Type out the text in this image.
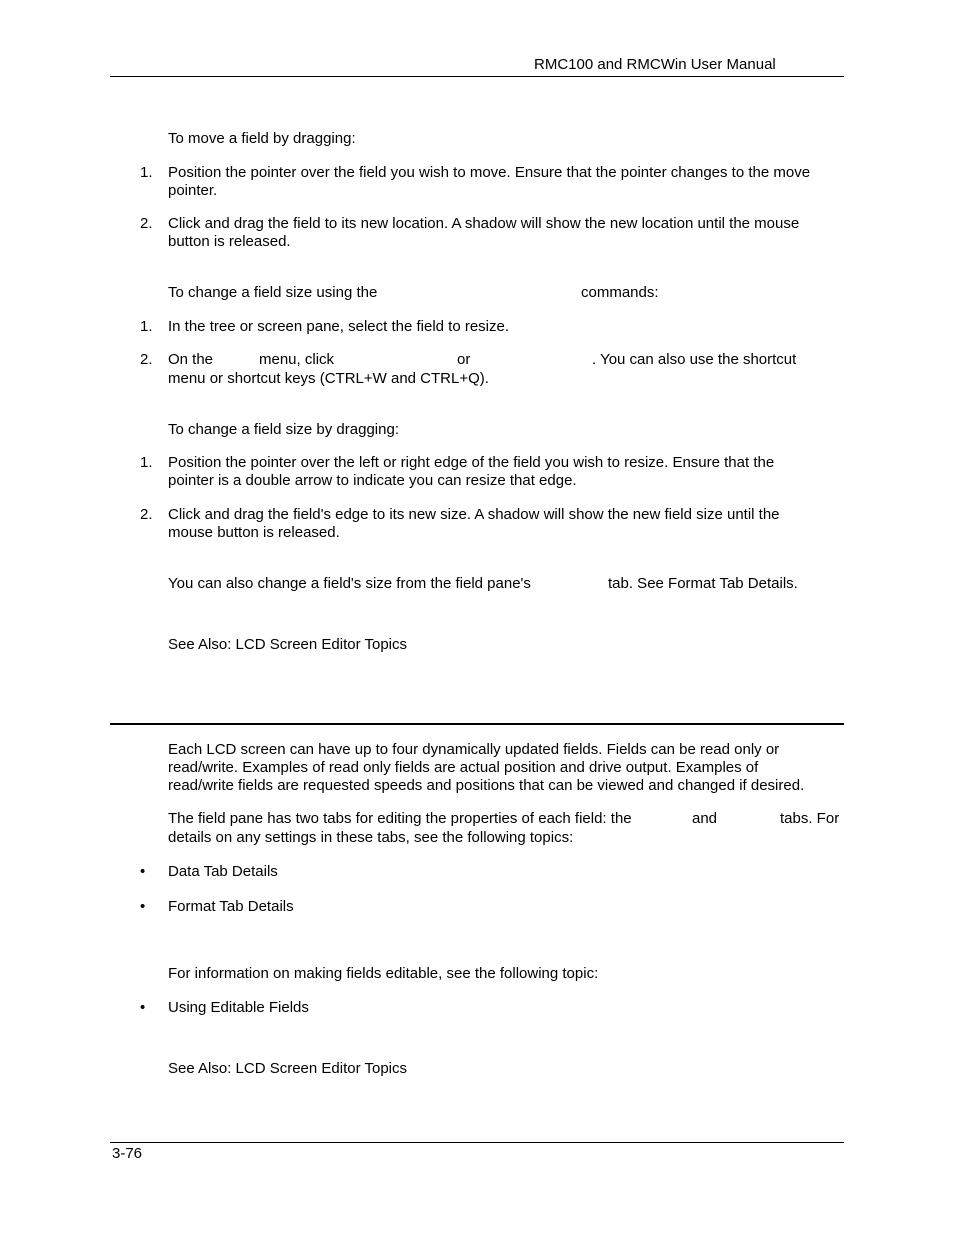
RMC100 and RMCWin User Manual
To move a field by dragging:
1. Position the pointer over the field you wish to move. Ensure that the pointer changes to the move
pointer.
2. Click and drag the field to its new location. A shadow will show the new location until the mouse
button is released.
To change a field size using the	commands:
1. In the tree or screen pane, select the field to resize.
2. On the	menu, click	or	. You can also use the shortcut
menu or shortcut keys (CTRL+W and CTRL+Q).
To change a field size by dragging:
1. Position the pointer over the left or right edge of the field you wish to resize. Ensure that the
pointer is a double arrow to indicate you can resize that edge.
2. Click and drag the field's edge to its new size. A shadow will show the new field size until the
mouse button is released.
You can also change a field's size from the field pane's	tab. See Format Tab Details.
See Also: LCD Screen Editor Topics
Each LCD screen can have up to four dynamically updated fields. Fields can be read only or
read/write. Examples of read only fields are actual position and drive output. Examples of
read/write fields are requested speeds and positions that can be viewed and changed if desired.
The field pane has two tabs for editing the properties of each field: the	and	tabs. For
details on any settings in these tabs, see the following topics:
• Data Tab Details
• Format Tab Details
For information on making fields editable, see the following topic:
• Using Editable Fields
See Also: LCD Screen Editor Topics
3-76
